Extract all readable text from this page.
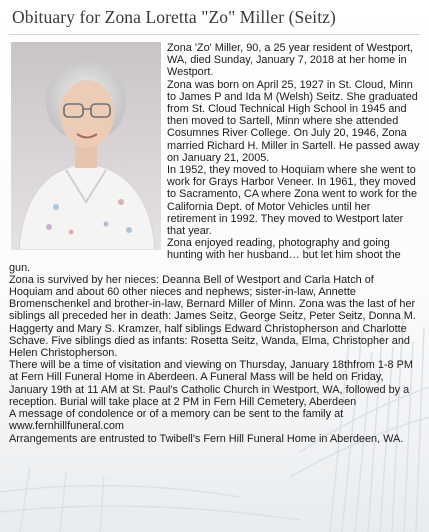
Obituary for Zona Loretta "Zo" Miller (Seitz)

Zona 'Zo' Miller, 90, a 25 year resident of Westport, WA, died Sunday, January 7, 2018 at her home in Westport.

Zona was born on April 25, 1927 in St. Cloud, Minn to James P and Ida M (Welsh) Seitz. She graduated from St. Cloud Technical High School in 1945 and then moved to Sartell, Minn where she attended Cosumnes River College. On July 20, 1946, Zona married Richard H. Miller in Sartell. He passed away on January 21, 2005.

In 1952, they moved to Hoquiam where she went to work for Grays Harbor Veneer. In 1961, they moved to Sacramento, CA where Zona went to work for the California Dept. of Motor Vehicles until her retirement in 1992. They moved to Westport later that year.

Zona enjoyed reading, photography and going hunting with her husband… but let him shoot the gun.

Zona is survived by her nieces: Deanna Bell of Westport and Carla Hatch of Hoquiam and about 60 other nieces and nephews; sister-in-law, Annette Bromenschenkel and brother-in-law, Bernard Miller of Minn. Zona was the last of her siblings all preceded her in death: James Seitz, George Seitz, Peter Seitz, Donna M. Haggerty and Mary S. Kramzer, half siblings Edward Christopherson and Charlotte Schave. Five siblings died as infants: Rosetta Seitz, Wanda, Elma, Christopher and Helen Christopherson.

There will be a time of visitation and viewing on Thursday, January 18thfrom 1-8 PM at Fern Hill Funeral Home in Aberdeen. A Funeral Mass will be held on Friday, January 19th at 11 AM at St. Paul's Catholic Church in Westport, WA, followed by a reception. Burial will take place at 2 PM in Fern Hill Cemetery, Aberdeen

A message of condolence or of a memory can be sent to the family at www.fernhillfuneral.com

Arrangements are entrusted to Twibell's Fern Hill Funeral Home in Aberdeen, WA.
